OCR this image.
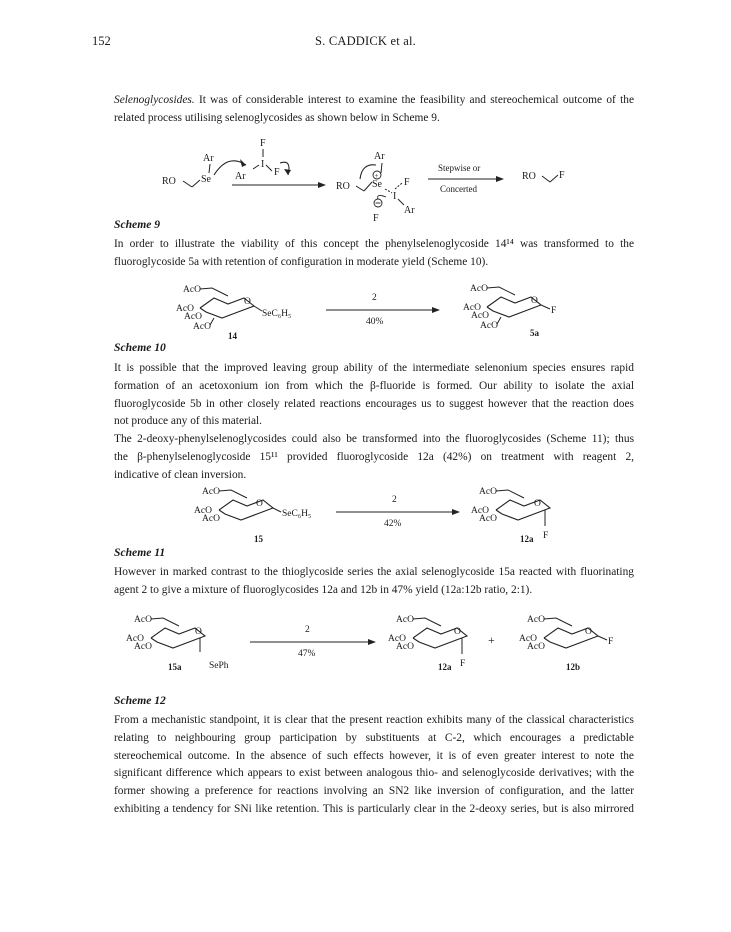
152	S. CADDICK et al.
Selenoglycosides. It was of considerable interest to examine the feasibility and stereochemical outcome of the
related process utilising selenoglycosides as shown below in Scheme 9.
RO	Se
Ar
F
I
Ar	F
RO Se
+
Ar
I
F
Ar
F
Stepwise or
Concerted
RO F
Scheme 9
In order to illustrate the viability of this concept the phenylselenoglycoside 14¹⁴ was transformed to the
fluoroglycoside 5a with retention of configuration in moderate yield (Scheme 10).
AcO
O
AcO
AcO
AcO
SeC₆H₅
14
2
40%
AcO
O
AcO
AcO
AcO
F
5a
Scheme 10
It is possible that the improved leaving group ability of the intermediate selenonium species ensures rapid
formation of an acetoxonium ion from which the β-fluoride is formed. Our ability to isolate the axial
fluoroglycoside 5b in other closely related reactions encourages us to suggest however that the reaction does
not produce any of this material.
The 2-deoxy-phenylselenoglycosides could also be transformed into the fluoroglycosides (Scheme 11); thus
the β-phenylselenoglycoside 15¹¹ provided fluoroglycoside 12a (42%) on treatment with reagent 2,
indicative of clean inversion.
AcO
O
AcO
AcO	SeC₆H₅
15
2
42%
AcO
O
AcO
AcO
F
12a
Scheme 11
However in marked contrast to the thioglycoside series the axial selenoglycoside 15a reacted with fluorinating
agent 2 to give a mixture of fluoroglycosides 12a and 12b in 47% yield (12a:12b ratio, 2:1).
AcO
O
AcO
AcO
SePh
15a
2
47%
AcO
O
AcO
AcO
F
12a
+
AcO
O
AcO
AcO	F
12b
Scheme 12
From a mechanistic standpoint, it is clear that the present reaction exhibits many of the classical characteristics
relating to neighbouring group participation by substituents at C-2, which encourages a predictable
stereochemical outcome. In the absence of such effects however, it is of even greater interest to note the
significant difference which appears to exist between analogous thio- and selenoglycoside derivatives; with the
former showing a preference for reactions involving an SN2 like inversion of configuration, and the latter
exhibiting a tendency for SNi like retention. This is particularly clear in the 2-deoxy series, but is also mirrored
